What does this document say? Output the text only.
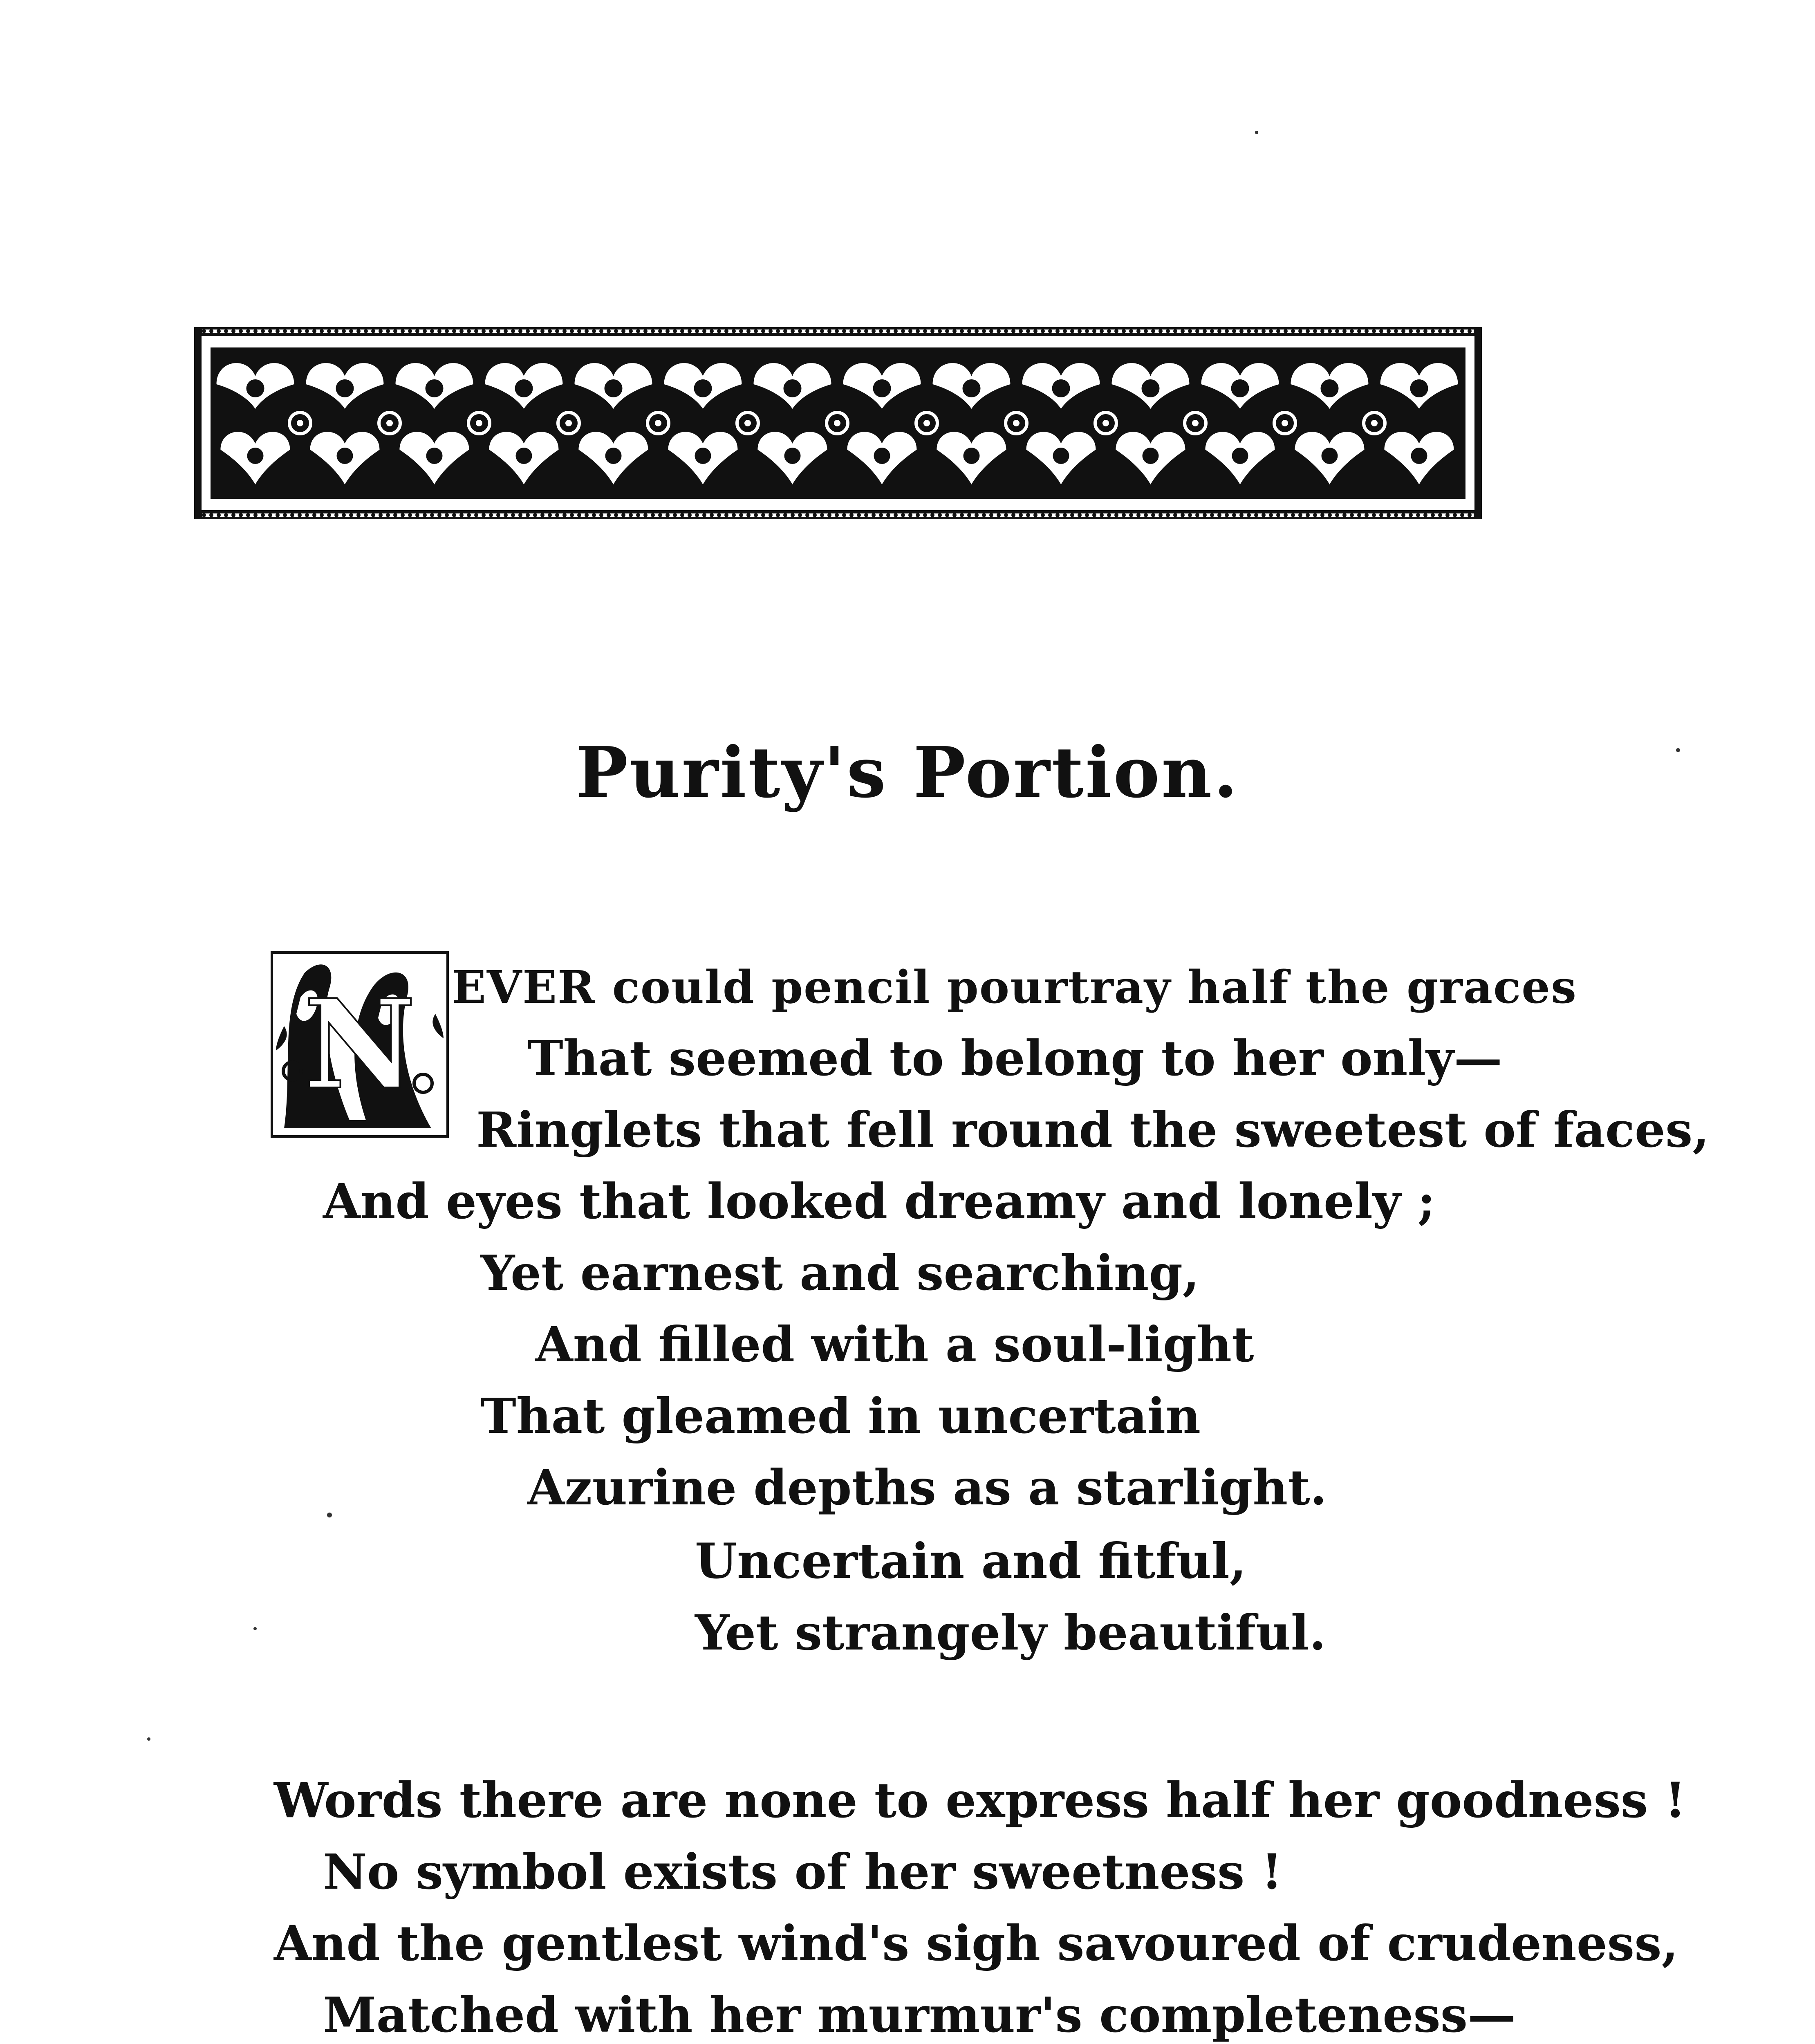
Purity's Portion.
N EVER could pencil pourtray half the graces
That seemed to belong to her only—
Ringlets that fell round the sweetest of faces,
And eyes that looked dreamy and lonely ;
Yet earnest and searching,
And filled with a soul-light
That gleamed in uncertain
Azurine depths as a starlight.
Uncertain and fitful,
Yet strangely beautiful.
Words there are none to express half her goodness !
No symbol exists of her sweetness !
And the gentlest wind's sigh savoured of crudeness,
Matched with her murmur's completeness—
